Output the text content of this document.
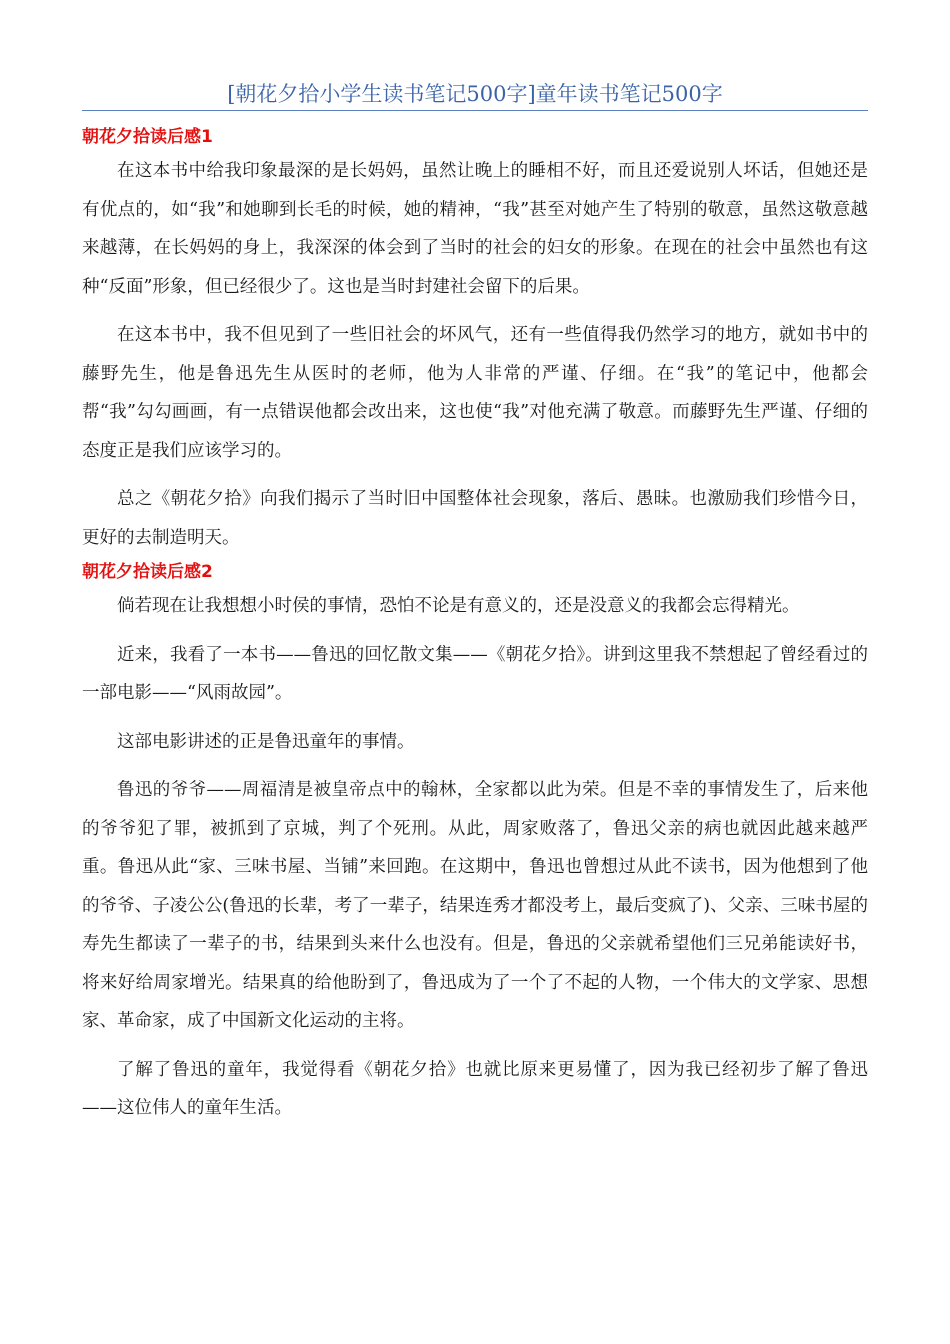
[朝花夕拾小学生读书笔记500字]童年读书笔记500字
朝花夕拾读后感1

在这本书中给我印象最深的是长妈妈，虽然让晚上的睡相不好，而且还爱说别人坏话，但她还是有优点的，如“我”和她聊到长毛的时候，她的精神，“我”甚至对她产生了特别的敬意，虽然这敬意越来越薄，在长妈妈的身上，我深深的体会到了当时的社会的妇女的形象。在现在的社会中虽然也有这种“反面”形象，但已经很少了。这也是当时封建社会留下的后果。

在这本书中，我不但见到了一些旧社会的坏风气，还有一些值得我仍然学习的地方，就如书中的藤野先生，他是鲁迅先生从医时的老师，他为人非常的严谨、仔细。在“我”的笔记中，他都会帮“我”勾勾画画，有一点错误他都会改出来，这也使“我”对他充满了敬意。而藤野先生严谨、仔细的态度正是我们应该学习的。

总之《朝花夕拾》向我们揭示了当时旧中国整体社会现象，落后、愚昧。也激励我们珍惜今日，更好的去制造明天。

朝花夕拾读后感2

倘若现在让我想想小时侯的事情，恐怕不论是有意义的，还是没意义的我都会忘得精光。

近来，我看了一本书——鲁迅的回忆散文集——《朝花夕拾》。讲到这里我不禁想起了曾经看过的一部电影——“风雨故园”。

这部电影讲述的正是鲁迅童年的事情。

鲁迅的爷爷——周福清是被皇帝点中的翰林，全家都以此为荣。但是不幸的事情发生了，后来他的爷爷犯了罪，被抓到了京城，判了个死刑。从此，周家败落了，鲁迅父亲的病也就因此越来越严重。鲁迅从此“家、三味书屋、当铺”来回跑。在这期中，鲁迅也曾想过从此不读书，因为他想到了他的爷爷、子凌公公(鲁迅的长辈，考了一辈子，结果连秀才都没考上，最后变疯了)、父亲、三味书屋的寿先生都读了一辈子的书，结果到头来什么也没有。但是，鲁迅的父亲就希望他们三兄弟能读好书，将来好给周家增光。结果真的给他盼到了，鲁迅成为了一个了不起的人物，一个伟大的文学家、思想家、革命家，成了中国新文化运动的主将。

了解了鲁迅的童年，我觉得看《朝花夕拾》也就比原来更易懂了，因为我已经初步了解了鲁迅——这位伟人的童年生活。
